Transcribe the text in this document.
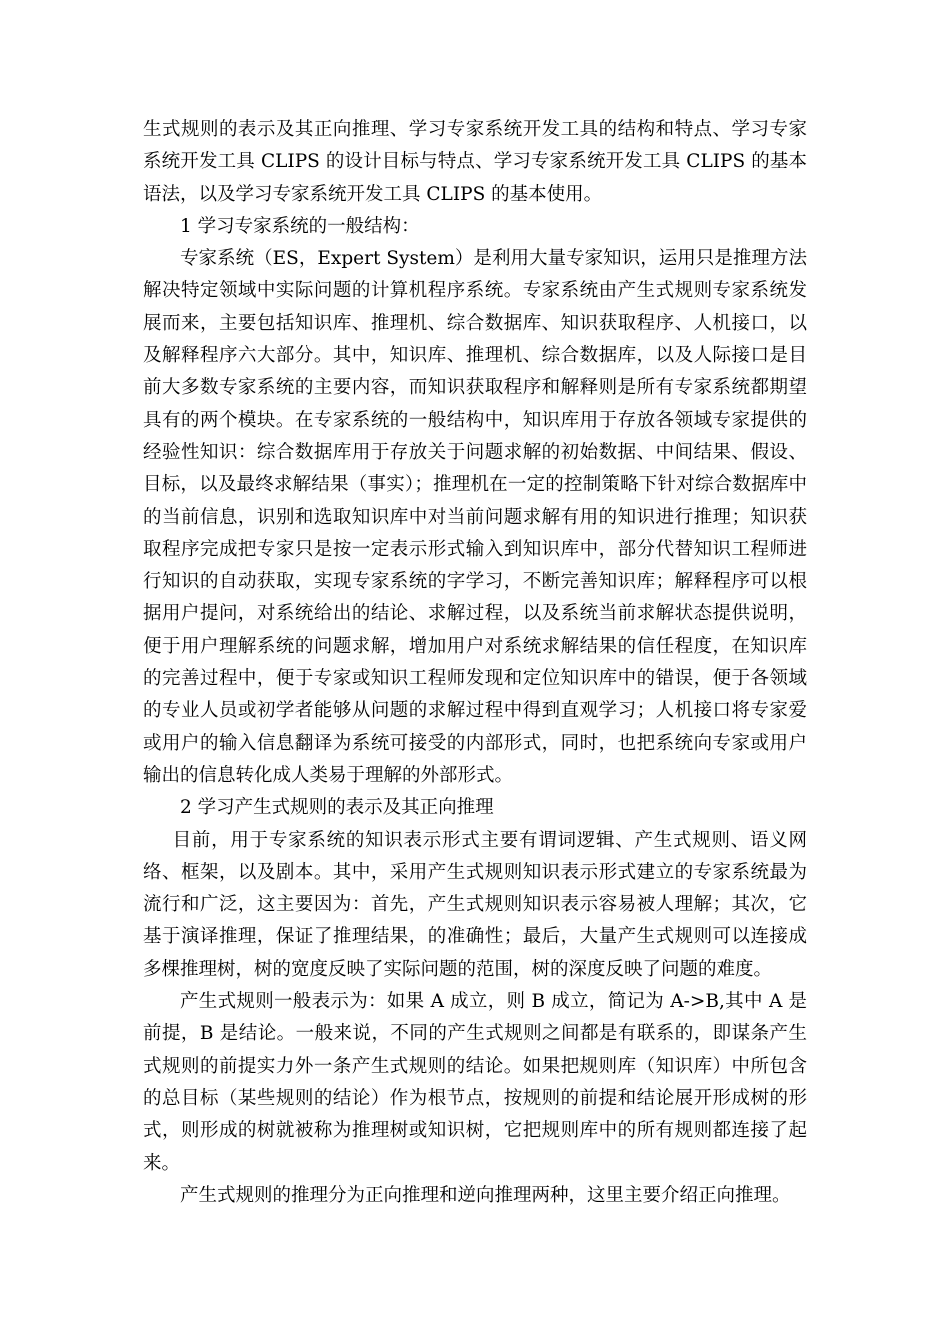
生式规则的表示及其正向推理、学习专家系统开发工具的结构和特点、学习专家系统开发工具 CLIPS 的设计目标与特点、学习专家系统开发工具 CLIPS 的基本语法，以及学习专家系统开发工具 CLIPS 的基本使用。

1 学习专家系统的一般结构：

专家系统（ES，Expert System）是利用大量专家知识，运用只是推理方法解决特定领域中实际问题的计算机程序系统。专家系统由产生式规则专家系统发展而来，主要包括知识库、推理机、综合数据库、知识获取程序、人机接口，以及解释程序六大部分。其中，知识库、推理机、综合数据库，以及人际接口是目前大多数专家系统的主要内容，而知识获取程序和解释则是所有专家系统都期望具有的两个模块。在专家系统的一般结构中，知识库用于存放各领域专家提供的经验性知识：综合数据库用于存放关于问题求解的初始数据、中间结果、假设、目标，以及最终求解结果（事实）；推理机在一定的控制策略下针对综合数据库中的当前信息，识别和选取知识库中对当前问题求解有用的知识进行推理；知识获取程序完成把专家只是按一定表示形式输入到知识库中，部分代替知识工程师进行知识的自动获取，实现专家系统的字学习，不断完善知识库；解释程序可以根据用户提问，对系统给出的结论、求解过程，以及系统当前求解状态提供说明，便于用户理解系统的问题求解，增加用户对系统求解结果的信任程度，在知识库的完善过程中，便于专家或知识工程师发现和定位知识库中的错误，便于各领域的专业人员或初学者能够从问题的求解过程中得到直观学习；人机接口将专家爱或用户的输入信息翻译为系统可接受的内部形式，同时，也把系统向专家或用户输出的信息转化成人类易于理解的外部形式。

2 学习产生式规则的表示及其正向推理

目前，用于专家系统的知识表示形式主要有谓词逻辑、产生式规则、语义网络、框架，以及剧本。其中，采用产生式规则知识表示形式建立的专家系统最为流行和广泛，这主要因为：首先，产生式规则知识表示容易被人理解；其次，它基于演译推理，保证了推理结果，的准确性；最后，大量产生式规则可以连接成多棵推理树，树的宽度反映了实际问题的范围，树的深度反映了问题的难度。

产生式规则一般表示为：如果 A 成立，则 B 成立，简记为 A->B,其中 A 是前提，B 是结论。一般来说，不同的产生式规则之间都是有联系的，即谋条产生式规则的前提实力外一条产生式规则的结论。如果把规则库（知识库）中所包含的总目标（某些规则的结论）作为根节点，按规则的前提和结论展开形成树的形式，则形成的树就被称为推理树或知识树，它把规则库中的所有规则都连接了起来。

产生式规则的推理分为正向推理和逆向推理两种，这里主要介绍正向推理。
